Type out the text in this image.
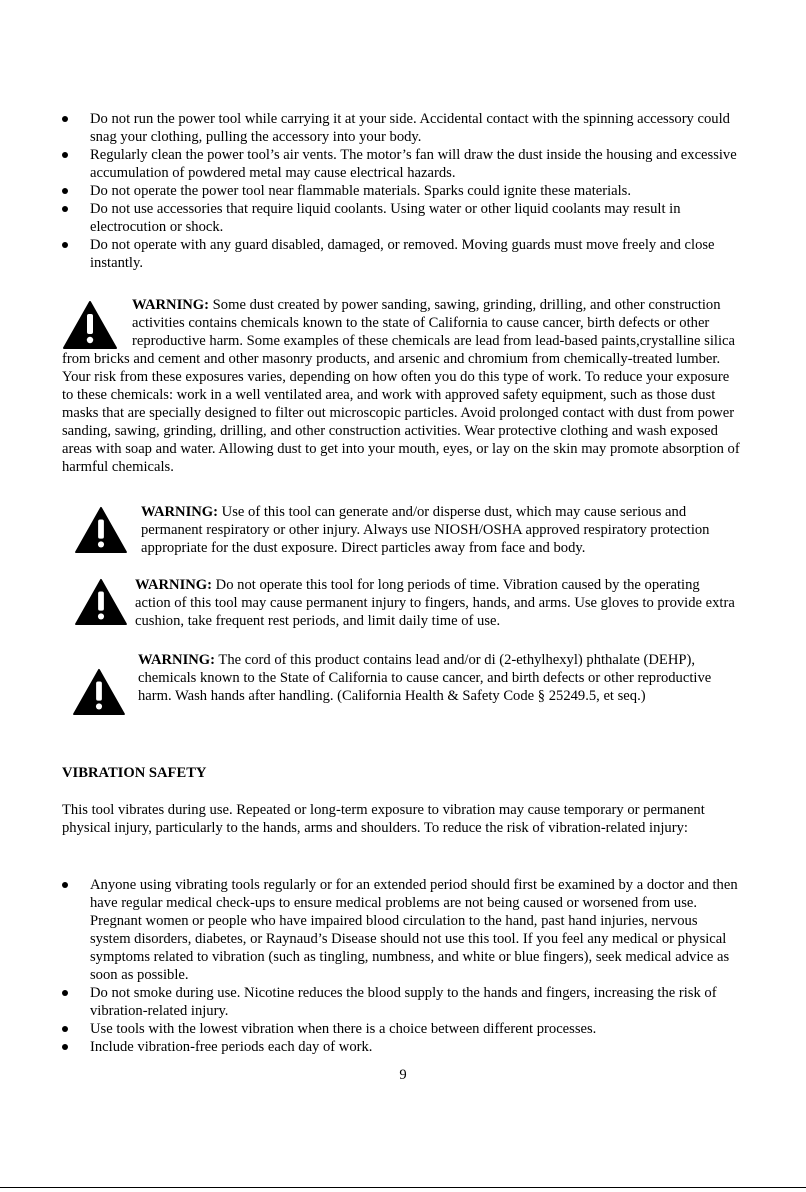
Do not run the power tool while carrying it at your side. Accidental contact with the spinning accessory could snag your clothing, pulling the accessory into your body.
Regularly clean the power tool’s air vents. The motor’s fan will draw the dust inside the housing and excessive accumulation of powdered metal may cause electrical hazards.
Do not operate the power tool near flammable materials. Sparks could ignite these materials.
Do not use accessories that require liquid coolants. Using water or other liquid coolants may result in electrocution or shock.
Do not operate with any guard disabled, damaged, or removed. Moving guards must move freely and close instantly.
WARNING: Some dust created by power sanding, sawing, grinding, drilling, and other construction activities contains chemicals known to the state of California to cause cancer, birth defects or other reproductive harm. Some examples of these chemicals are lead from lead-based paints,crystalline silica from bricks and cement and other masonry products, and arsenic and chromium from chemically-treated lumber. Your risk from these exposures varies, depending on how often you do this type of work. To reduce your exposure to these chemicals: work in a well ventilated area, and work with approved safety equipment, such as those dust masks that are specially designed to filter out microscopic particles. Avoid prolonged contact with dust from power sanding, sawing, grinding, drilling, and other construction activities. Wear protective clothing and wash exposed areas with soap and water. Allowing dust to get into your mouth, eyes, or lay on the skin may promote absorption of harmful chemicals.
WARNING: Use of this tool can generate and/or disperse dust, which may cause serious and permanent respiratory or other injury. Always use NIOSH/OSHA approved respiratory protection appropriate for the dust exposure. Direct particles away from face and body.
WARNING: Do not operate this tool for long periods of time. Vibration caused by the operating action of this tool may cause permanent injury to fingers, hands, and arms. Use gloves to provide extra cushion, take frequent rest periods, and limit daily time of use.
WARNING: The cord of this product contains lead and/or di (2-ethylhexyl) phthalate (DEHP), chemicals known to the State of California to cause cancer, and birth defects or other reproductive harm. Wash hands after handling. (California Health & Safety Code § 25249.5, et seq.)
VIBRATION SAFETY
This tool vibrates during use. Repeated or long-term exposure to vibration may cause temporary or permanent physical injury, particularly to the hands, arms and shoulders. To reduce the risk of vibration-related injury:
Anyone using vibrating tools regularly or for an extended period should first be examined by a doctor and then have regular medical check-ups to ensure medical problems are not being caused or worsened from use. Pregnant women or people who have impaired blood circulation to the hand, past hand injuries, nervous system disorders, diabetes, or Raynaud’s Disease should not use this tool. If you feel any medical or physical symptoms related to vibration (such as tingling, numbness, and white or blue fingers), seek medical advice as soon as possible.
Do not smoke during use. Nicotine reduces the blood supply to the hands and fingers, increasing the risk of vibration-related injury.
Use tools with the lowest vibration when there is a choice between different processes.
Include vibration-free periods each day of work.
9
